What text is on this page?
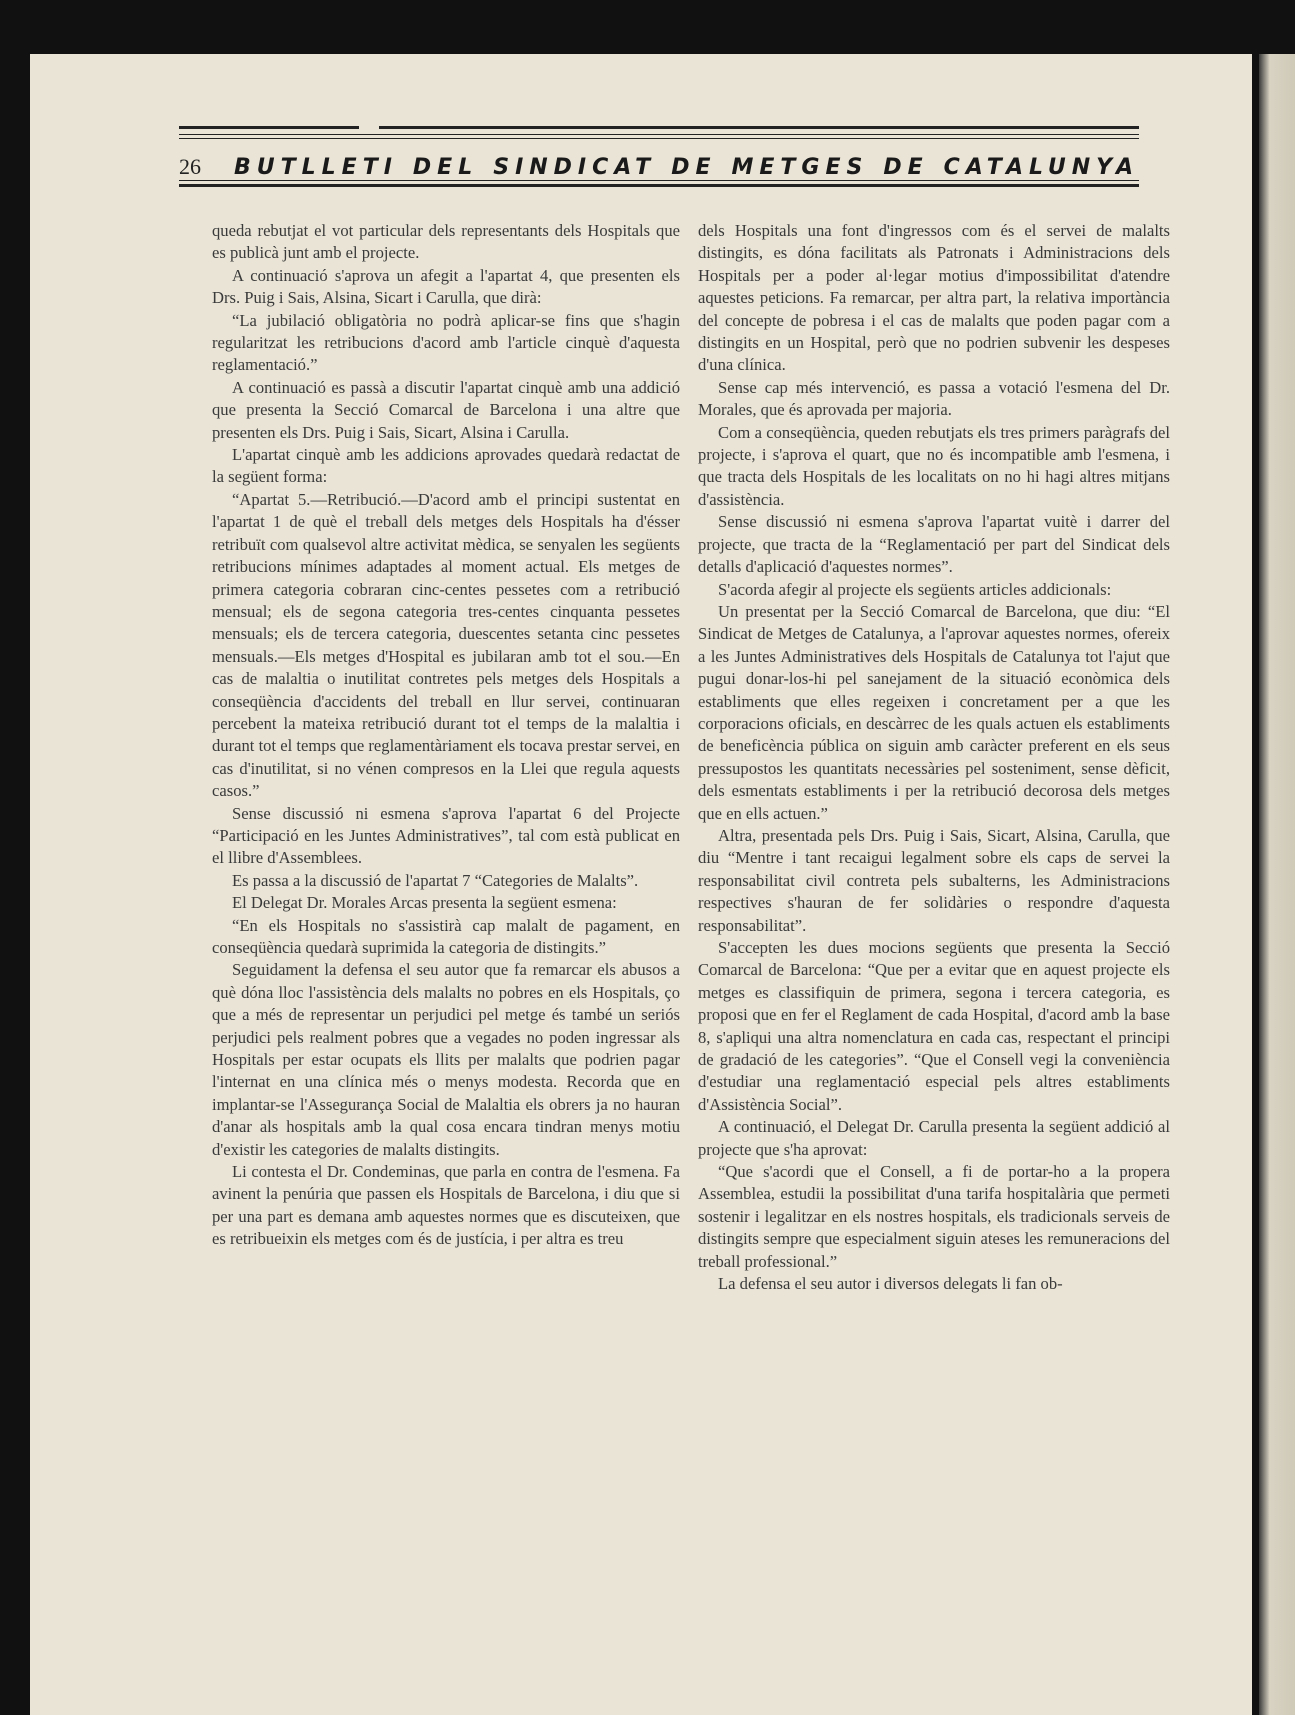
26	BUTLLETI DEL SINDICAT DE METGES DE CATALUNYA

queda rebutjat el vot particular dels representants dels Hospitals que es publicà junt amb el projecte.

A continuació s'aprova un afegit a l'apartat 4, que presenten els Drs. Puig i Sais, Alsina, Sicart i Carulla, que dirà:

“La jubilació obligatòria no podrà aplicar-se fins que s'hagin regularitzat les retribucions d'acord amb l'article cinquè d'aquesta reglamentació.”

A continuació es passà a discutir l'apartat cinquè amb una addició que presenta la Secció Comarcal de Barcelona i una altre que presenten els Drs. Puig i Sais, Sicart, Alsina i Carulla.

L'apartat cinquè amb les addicions aprovades quedarà redactat de la següent forma:

“Apartat 5.—Retribució.—D'acord amb el principi sustentat en l'apartat 1 de què el treball dels metges dels Hospitals ha d'ésser retribuït com qualsevol altre activitat mèdica, se senyalen les següents retribucions mínimes adaptades al moment actual. Els metges de primera categoria cobraran cinc-centes pessetes com a retribució mensual; els de segona categoria tres-centes cinquanta pessetes mensuals; els de tercera categoria, duescentes setanta cinc pessetes mensuals.—Els metges d'Hospital es jubilaran amb tot el sou.—En cas de malaltia o inutilitat contretes pels metges dels Hospitals a conseqüència d'accidents del treball en llur servei, continuaran percebent la mateixa retribució durant tot el temps de la malaltia i durant tot el temps que reglamentàriament els tocava prestar servei, en cas d'inutilitat, si no vénen compresos en la Llei que regula aquests casos.”

Sense discussió ni esmena s'aprova l'apartat 6 del Projecte “Participació en les Juntes Administratives”, tal com està publicat en el llibre d'Assemblees.

Es passa a la discussió de l'apartat 7 “Categories de Malalts”.

El Delegat Dr. Morales Arcas presenta la següent esmena:

“En els Hospitals no s'assistirà cap malalt de pagament, en conseqüència quedarà suprimida la categoria de distingits.”

Seguidament la defensa el seu autor que fa remarcar els abusos a què dóna lloc l'assistència dels malalts no pobres en els Hospitals, ço que a més de representar un perjudici pel metge és també un seriós perjudici pels realment pobres que a vegades no poden ingressar als Hospitals per estar ocupats els llits per malalts que podrien pagar l'internat en una clínica més o menys modesta. Recorda que en implantar-se l'Assegurança Social de Malaltia els obrers ja no hauran d'anar als hospitals amb la qual cosa encara tindran menys motiu d'existir les categories de malalts distingits.

Li contesta el Dr. Condeminas, que parla en contra de l'esmena. Fa avinent la penúria que passen els Hospitals de Barcelona, i diu que si per una part es demana amb aquestes normes que es discuteixen, que es retribueixin els metges com és de justícia, i per altra es treu

dels Hospitals una font d'ingressos com és el servei de malalts distingits, es dóna facilitats als Patronats i Administracions dels Hospitals per a poder al·legar motius d'impossibilitat d'atendre aquestes peticions. Fa remarcar, per altra part, la relativa importància del concepte de pobresa i el cas de malalts que poden pagar com a distingits en un Hospital, però que no podrien subvenir les despeses d'una clínica.

Sense cap més intervenció, es passa a votació l'esmena del Dr. Morales, que és aprovada per majoria.

Com a conseqüència, queden rebutjats els tres primers paràgrafs del projecte, i s'aprova el quart, que no és incompatible amb l'esmena, i que tracta dels Hospitals de les localitats on no hi hagi altres mitjans d'assistència.

Sense discussió ni esmena s'aprova l'apartat vuitè i darrer del projecte, que tracta de la “Reglamentació per part del Sindicat dels detalls d'aplicació d'aquestes normes”.

S'acorda afegir al projecte els següents articles addicionals:

Un presentat per la Secció Comarcal de Barcelona, que diu: “El Sindicat de Metges de Catalunya, a l'aprovar aquestes normes, ofereix a les Juntes Administratives dels Hospitals de Catalunya tot l'ajut que pugui donar-los-hi pel sanejament de la situació econòmica dels establiments que elles regeixen i concretament per a que les corporacions oficials, en descàrrec de les quals actuen els establiments de beneficència pública on siguin amb caràcter preferent en els seus pressupostos les quantitats necessàries pel sosteniment, sense dèficit, dels esmentats establiments i per la retribució decorosa dels metges que en ells actuen.”

Altra, presentada pels Drs. Puig i Sais, Sicart, Alsina, Carulla, que diu “Mentre i tant recaigui legalment sobre els caps de servei la responsabilitat civil contreta pels subalterns, les Administracions respectives s'hauran de fer solidàries o respondre d'aquesta responsabilitat”.

S'accepten les dues mocions següents que presenta la Secció Comarcal de Barcelona: “Que per a evitar que en aquest projecte els metges es classifiquin de primera, segona i tercera categoria, es proposi que en fer el Reglament de cada Hospital, d'acord amb la base 8, s'apliqui una altra nomenclatura en cada cas, respectant el principi de gradació de les categories”. “Que el Consell vegi la conveniència d'estudiar una reglamentació especial pels altres establiments d'Assistència Social”.

A continuació, el Delegat Dr. Carulla presenta la següent addició al projecte que s'ha aprovat:

“Que s'acordi que el Consell, a fi de portar-ho a la propera Assemblea, estudii la possibilitat d'una tarifa hospitalària que permeti sostenir i legalitzar en els nostres hospitals, els tradicionals serveis de distingits sempre que especialment siguin ateses les remuneracions del treball professional.”

La defensa el seu autor i diversos delegats li fan ob-
